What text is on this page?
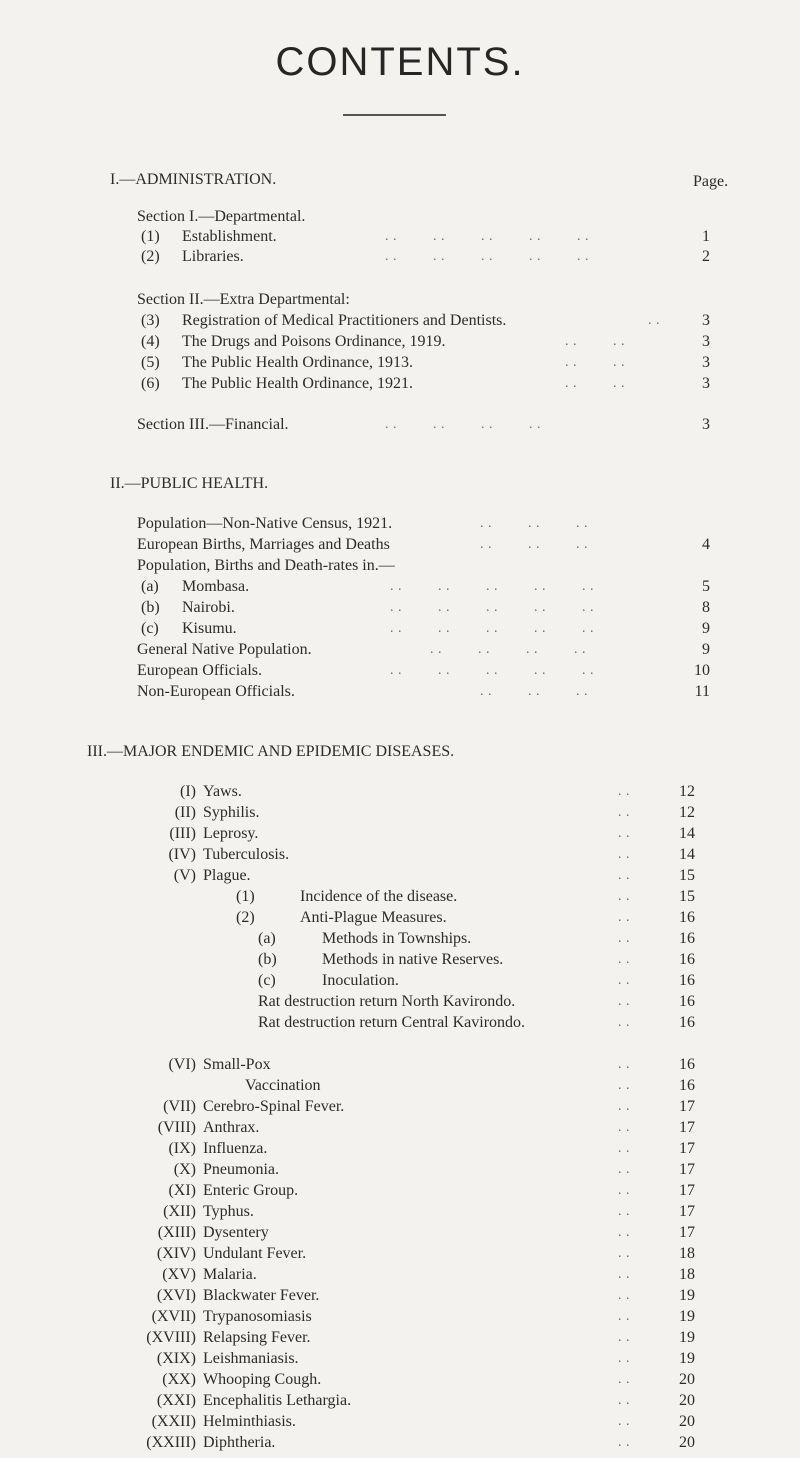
CONTENTS.
I.—ADMINISTRATION.	Page.
Section I.—Departmental.
(1) Establishment.	. .         . .         . .         . .         . .	1
(2) Libraries.	. .         . .         . .         . .         . .	2
Section II.—Extra Departmental:
(3) Registration of Medical Practitioners and Dentists.	. .	3
(4) The Drugs and Poisons Ordinance, 1919.	. .         . .	3
(5) The Public Health Ordinance, 1913.	. .         . .	3
(6) The Public Health Ordinance, 1921.	. .         . .	3
Section III.—Financial.	. .         . .         . .         . .	3
II.—PUBLIC HEALTH.
Population—Non-Native Census, 1921.	. .         . .         . .
European Births, Marriages and Deaths	. .         . .         . .	4
Population, Births and Death-rates in.—
(a) Mombasa.	. .         . .         . .         . .         . .	5
(b) Nairobi.	. .         . .         . .         . .         . .	8
(c) Kisumu.	. .         . .         . .         . .         . .	9
General Native Population.	. .         . .         . .         . .	9
European Officials.	. .         . .         . .         . .         . .	10
Non-European Officials.	. .         . .         . .	11
III.—MAJOR ENDEMIC AND EPIDEMIC DISEASES.
(I) Yaws.	. .	12
(II) Syphilis.	. .	12
(III) Leprosy.	. .	14
(IV) Tuberculosis.	. .	14
(V) Plague.	. .	15
(1)	Incidence of the disease.	. .	15
(2)	Anti-Plague Measures.	. .	16
(a)	Methods in Townships.	. .	16
(b)	Methods in native Reserves.	. .	16
(c)	Inoculation.	. .	16
Rat destruction return North Kavirondo.	. .	16
Rat destruction return Central Kavirondo.	. .	16
(VI) Small-Pox	. .	16
Vaccination	. .	16
(VII) Cerebro-Spinal Fever.	. .	17
(VIII) Anthrax.	. .	17
(IX) Influenza.	. .	17
(X) Pneumonia.	. .	17
(XI) Enteric Group.	. .	17
(XII) Typhus.	. .	17
(XIII) Dysentery	. .	17
(XIV) Undulant Fever.	. .	18
(XV) Malaria.	. .	18
(XVI) Blackwater Fever.	. .	19
(XVII) Trypanosomiasis	. .	19
(XVIII) Relapsing Fever.	. .	19
(XIX) Leishmaniasis.	. .	19
(XX) Whooping Cough.	. .	20
(XXI) Encephalitis Lethargia.	. .	20
(XXII) Helminthiasis.	. .	20
(XXIII) Diphtheria.	. .	20
